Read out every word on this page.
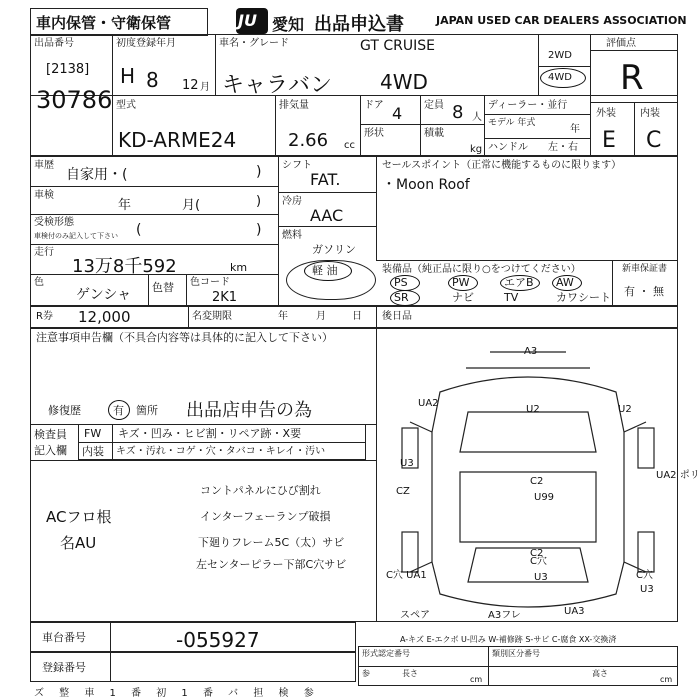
車内保管・守衛保管	JU 愛知 出品申込書	JAPAN USED CAR DEALERS ASSOCIATION
出品番号
[2138]
30786
初度登録年月
H 8 12 月
車名・グレード	GT CRUISE
キャラバン 4WD
2WD
4WD
評価点
R
外装 内装
E C
型式
KD-ARME24
排気量
2.66 cc
ドア 4 定員 8 人
形状	積載
kg
ディーラー・並行
モデル 年式
年
ハンドル 左・右
車歴
自家用・(	)
車検
年	月(	)
受検形態
車検付のみ記入して下さい (	)
走行
13万8千592	km
色
ゲンシャ 色替 色コード
2K1
シフト
FAT.
冷房
AAC
燃料
ガソリン
軽 油
セールスポイント（正常に機能するものに限ります）
・Moon Roof
装備品（純正品に限り○をつけてください）	新車保証書
有 ・ 無
PS	PW	エアB AW
SR	ナビ	TV	カワシート
R券 12,000	名変期限	年	月	日 後日品
注意事項申告欄（不具合内容等は具体的に記入して下さい）
修復歴	有 箇所 出品店申告の為
検査員
記入欄
FW キズ・凹み・ヒビ割・リペア跡・X要
内装 キズ・汚れ・コゲ・穴・タバコ・キレイ・汚い
ACフロ根
名AU
コントパネルにひび割れ
インターフェーランプ破損
下廻りフレーム5C（太）サビ
左センターピラー下部C穴サビ
A3
U2	U2
UA2
U3
C2
CZ
U99
UA2 ポリ
C2
C穴
U3
C穴 UA1
スペア	A3フレ	UA3
C穴
U3
A-キズ E-エクボ U-凹み W-補修跡 S-サビ C-腐食 XX-交換済
車台番号	-055927
登録番号
形式認定番号	類別区分番号
参	長さ
cm
高さ
cm
ズ 整 車 1 番 初 1 番 バ 担 検 参
